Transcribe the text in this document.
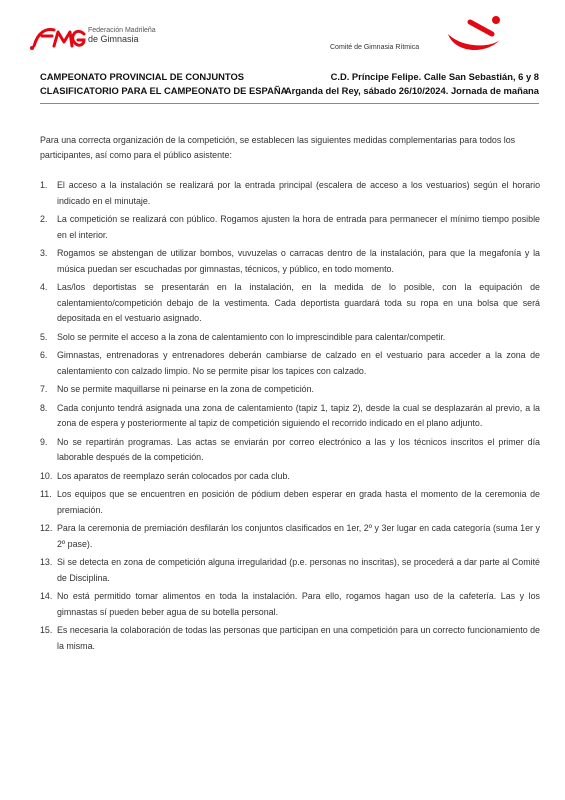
Federación Madrileña
de Gimnasia
Comité de Gimnasia Rítmica
CAMPEONATO PROVINCIAL DE CONJUNTOS
CLASIFICATORIO PARA EL CAMPEONATO DE ESPAÑA
C.D. Príncipe Felipe. Calle San Sebastián, 6 y 8
Arganda del Rey, sábado 26/10/2024. Jornada de mañana

Para una correcta organización de la competición, se establecen las siguientes medidas complementarias para todos los participantes, así como para el público asistente:

1. El acceso a la instalación se realizará por la entrada principal (escalera de acceso a los vestuarios) según el horario indicado en el minutaje.
2. La competición se realizará con público. Rogamos ajusten la hora de entrada para permanecer el mínimo tiempo posible en el interior.
3. Rogamos se abstengan de utilizar bombos, vuvuzelas o carracas dentro de la instalación, para que la megafonía y la música puedan ser escuchadas por gimnastas, técnicos, y público, en todo momento.
4. Las/los deportistas se presentarán en la instalación, en la medida de lo posible, con la equipación de calentamiento/competición debajo de la vestimenta. Cada deportista guardará toda su ropa en una bolsa que será depositada en el vestuario asignado.
5. Solo se permite el acceso a la zona de calentamiento con lo imprescindible para calentar/competir.
6. Gimnastas, entrenadoras y entrenadores deberán cambiarse de calzado en el vestuario para acceder a la zona de calentamiento con calzado limpio. No se permite pisar los tapices con calzado.
7. No se permite maquillarse ni peinarse en la zona de competición.
8. Cada conjunto tendrá asignada una zona de calentamiento (tapiz 1, tapiz 2), desde la cual se desplazarán al previo, a la zona de espera y posteriormente al tapiz de competición siguiendo el recorrido indicado en el plano adjunto.
9. No se repartirán programas. Las actas se enviarán por correo electrónico a las y los técnicos inscritos el primer día laborable después de la competición.
10. Los aparatos de reemplazo serán colocados por cada club.
11. Los equipos que se encuentren en posición de pódium deben esperar en grada hasta el momento de la ceremonia de premiación.
12. Para la ceremonia de premiación desfilarán los conjuntos clasificados en 1er, 2º y 3er lugar en cada categoría (suma 1er y 2º pase).
13. Si se detecta en zona de competición alguna irregularidad (p.e. personas no inscritas), se procederá a dar parte al Comité de Disciplina.
14. No está permitido tomar alimentos en toda la instalación. Para ello, rogamos hagan uso de la cafetería. Las y los gimnastas sí pueden beber agua de su botella personal.
15. Es necesaria la colaboración de todas las personas que participan en una competición para un correcto funcionamiento de la misma.
